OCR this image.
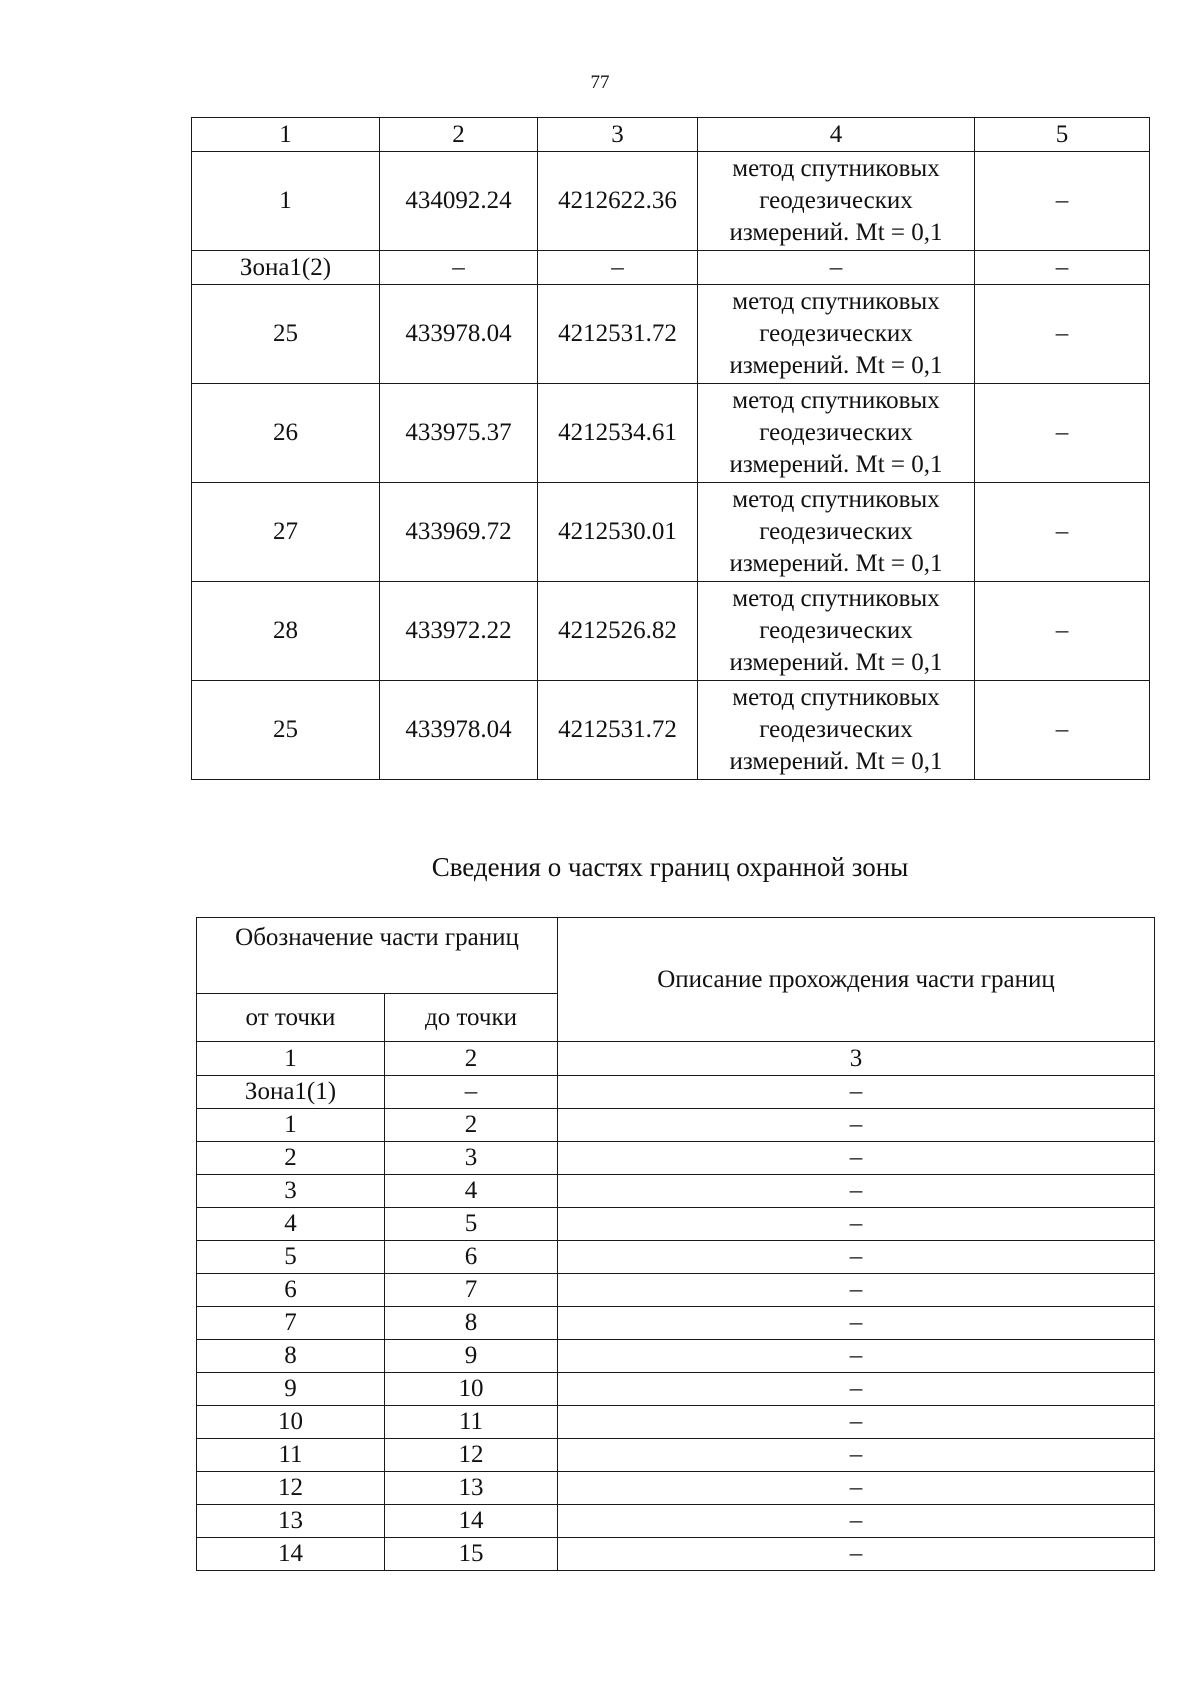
77
1	2	3	4	5
1	434092.24	4212622.36	метод спутниковых
геодезических
измерений. Mt = 0,1	–
Зона1(2)	–	–	–	–
25	433978.04	4212531.72	метод спутниковых
геодезических
измерений. Mt = 0,1	–
26	433975.37	4212534.61	метод спутниковых
геодезических
измерений. Mt = 0,1	–
27	433969.72	4212530.01	метод спутниковых
геодезических
измерений. Mt = 0,1	–
28	433972.22	4212526.82	метод спутниковых
геодезических
измерений. Mt = 0,1	–
25	433978.04	4212531.72	метод спутниковых
геодезических
измерений. Mt = 0,1	–
Сведения о частях границ охранной зоны
Обозначение части границ		Описание прохождения части границ
от точки	до точки	
1	2	3
Зона1(1)	–	–
1	2	–
2	3	–
3	4	–
4	5	–
5	6	–
6	7	–
7	8	–
8	9	–
9	10	–
10	11	–
11	12	–
12	13	–
13	14	–
14	15	–
